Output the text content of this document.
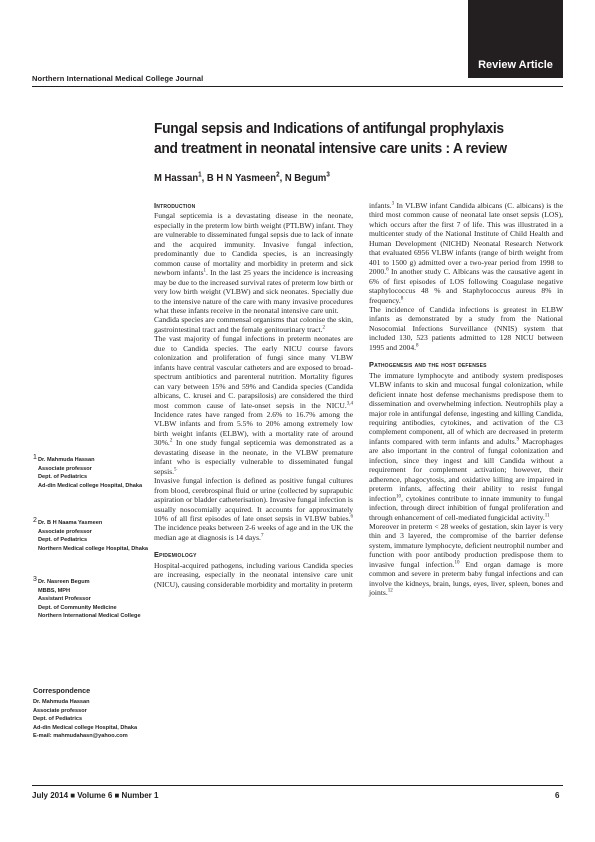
Review Article
Northern International Medical College Journal
Fungal sepsis and Indications of antifungal prophylaxis and treatment in neonatal intensive care units : A review
M Hassan$^1$, B H N Yasmeen$^2$, N Begum$^3$
Introduction

Fungal septicemia is a devastating disease in the neonate, especially in the preterm low birth weight (PTLBW) infant. They are vulnerable to disseminated fungal sepsis due to lack of innate and the acquired immunity. Invasive fungal infection, predominantly due to Candida species, is an increasingly common cause of mortality and morbidity in preterm and sick newborn infants$^1$. In the last 25 years the incidence is increasing may be due to the increased survival rates of preterm low birth or very low birth weight (VLBW) and sick neonates. Specially due to the intensive nature of the care with many invasive procedures what these infants receive in the neonatal intensive care unit.

Candida species are commensal organisms that colonise the skin, gastrointestinal tract and the female genitourinary tract.$^2$

The vast majority of fungal infections in preterm neonates are due to Candida species. The early NICU course favors colonization and proliferation of fungi since many VLBW infants have central vascular catheters and are exposed to broad-spectrum antibiotics and parenteral nutrition. Mortality figures can vary between 15% and 59% and Candida species (Candida albicans, C. krusei and C. parapsilosis) are considered the third most common cause of late-onset sepsis in the NICU.$^{3,4}$ Incidence rates have ranged from 2.6% to 16.7% among the VLBW infants and from 5.5% to 20% among extremely low birth weight infants (ELBW), with a mortality rate of around 30%.$^2$ In one study fungal septicemia was demonstrated as a devastating disease in the neonate, in the VLBW premature infant who is especially vulnerable to disseminated fungal sepsis.$^5$

Invasive fungal infection is defined as positive fungal cultures from blood, cerebrospinal fluid or urine (collected by suprapubic aspiration or bladder catheterisation). Invasive fungal infection is usually nosocomially acquired. It accounts for approximately 10% of all first episodes of late onset sepsis in VLBW babies.$^6$ The incidence peaks between 2-6 weeks of age and in the UK the median age at diagnosis is 14 days.$^7$

Epidemiology

Hospital-acquired pathogens, including various Candida species are increasing, especially in the neonatal intensive care unit (NICU), causing considerable morbidity and mortality in preterm

infants.$^3$ In VLBW infant Candida albicans (C. albicans) is the third most common cause of neonatal late onset sepsis (LOS), which occurs after the first 7 of life. This was illustrated in a multicenter study of the National Institute of Child Health and Human Development (NICHD) Neonatal Research Network that evaluated 6956 VLBW infants (range of birth weight from 401 to 1500 g) admitted over a two-year period from 1998 to 2000.$^6$ In another study C. Albicans was the causative agent in 6% of first episodes of LOS following Coagulase negative staphylococcus 48 % and Staphylococcus aureus 8% in frequency.$^8$

The incidence of Candida infections is greatest in ELBW infants as demonstrated by a study from the National Nosocomial Infections Surveillance (NNIS) system that included 130, 523 patients admitted to 128 NICU between 1995 and 2004.$^8$

Pathogenesis and the host defenses

The immature lymphocyte and antibody system predisposes VLBW infants to skin and mucosal fungal colonization, while deficient innate host defense mechanisms predispose them to dissemination and overwhelming infection. Neutrophils play a major role in antifungal defense, ingesting and killing Candida, requiring antibodies, cytokines, and activation of the C3 complement component, all of which are decreased in preterm infants compared with term infants and adults.$^9$ Macrophages are also important in the control of fungal colonization and infection, since they ingest and kill Candida without a requirement for complement activation; however, their adherence, phagocytosis, and oxidative killing are impaired in preterm infants, affecting their ability to resist fungal infection$^{10}$, cytokines contribute to innate immunity to fungal infection, through direct inhibition of fungal proliferation and through enhancement of cell-mediated fungicidal activity.$^{11}$

Moreover in preterm < 28 weeks of gestation, skin layer is very thin and 3 layered, the compromise of the barrier defense system, immature lymphocyte, deficient neutrophil number and function with poor antibody production predispose them to invasive fungal infection.$^{10}$ End organ damage is more common and severe in preterm baby fungal infections and can involve the kidneys, brain, lungs, eyes, liver, spleen, bones and joints.$^{12}$

1 Dr. Mahmuda Hassan
Associate professor
Dept. of Pediatrics
Ad-din Medical college Hospital, Dhaka
2 Dr. B H Naama Yasmeen
Associate professor
Dept. of Pediatrics
Northern Medical college Hospital, Dhaka
3 Dr. Nasreen Begum
MBBS, MPH
Assistant Professor
Dept. of Community Medicine
Northern International Medical College
Correspondence
Dr. Mahmuda Hassan
Associate professor
Dept. of Pediatrics
Ad-din Medical college Hospital, Dhaka
E-mail: mahmudahasn@yahoo.com
July 2014 ■ Volume 6 ■ Number 1	6
